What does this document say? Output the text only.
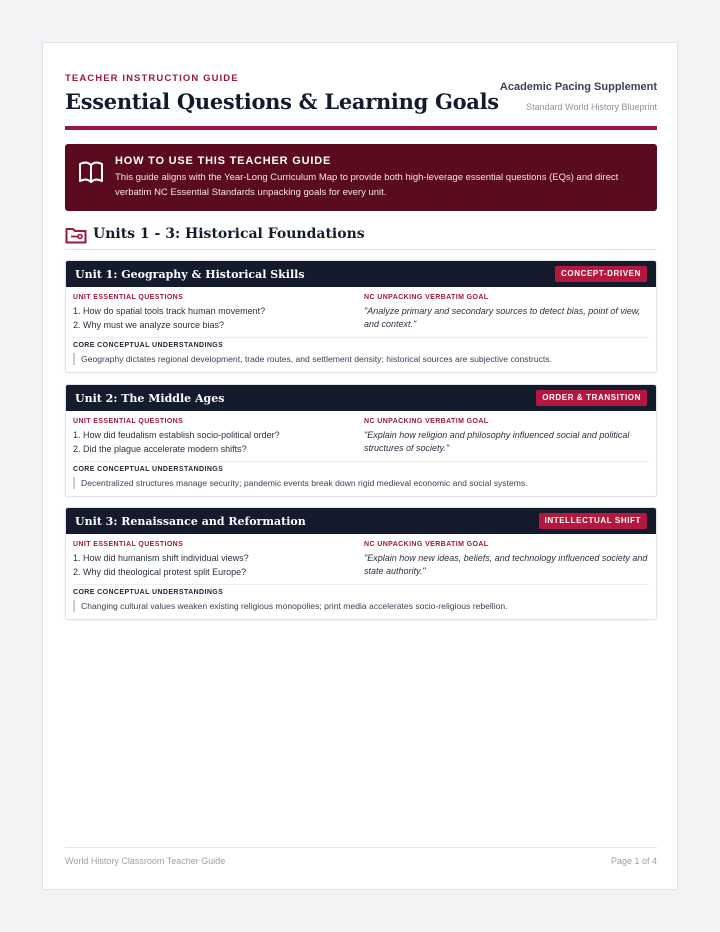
TEACHER INSTRUCTION GUIDE
Essential Questions & Learning Goals
Academic Pacing Supplement
Standard World History Blueprint
HOW TO USE THIS TEACHER GUIDE
This guide aligns with the Year-Long Curriculum Map to provide both high-leverage essential questions (EQs) and direct verbatim NC Essential Standards unpacking goals for every unit.
Units 1 - 3: Historical Foundations
Unit 1: Geography & Historical Skills	CONCEPT-DRIVEN
UNIT ESSENTIAL QUESTIONS	NC UNPACKING VERBATIM GOAL
1. How do spatial tools track human movement?
2. Why must we analyze source bias?
"Analyze primary and secondary sources to detect bias, point of view, and context."
CORE CONCEPTUAL UNDERSTANDINGS
Geography dictates regional development, trade routes, and settlement density; historical sources are subjective constructs.
Unit 2: The Middle Ages	ORDER & TRANSITION
UNIT ESSENTIAL QUESTIONS	NC UNPACKING VERBATIM GOAL
1. How did feudalism establish socio-political order?
2. Did the plague accelerate modern shifts?
"Explain how religion and philosophy influenced social and political structures of society."
CORE CONCEPTUAL UNDERSTANDINGS
Decentralized structures manage security; pandemic events break down rigid medieval economic and social systems.
Unit 3: Renaissance and Reformation	INTELLECTUAL SHIFT
UNIT ESSENTIAL QUESTIONS	NC UNPACKING VERBATIM GOAL
1. How did humanism shift individual views?
2. Why did theological protest split Europe?
"Explain how new ideas, beliefs, and technology influenced society and state authority."
CORE CONCEPTUAL UNDERSTANDINGS
Changing cultural values weaken existing religious monopolies; print media accelerates socio-religious rebellion.
World History Classroom Teacher Guide	Page 1 of 4
